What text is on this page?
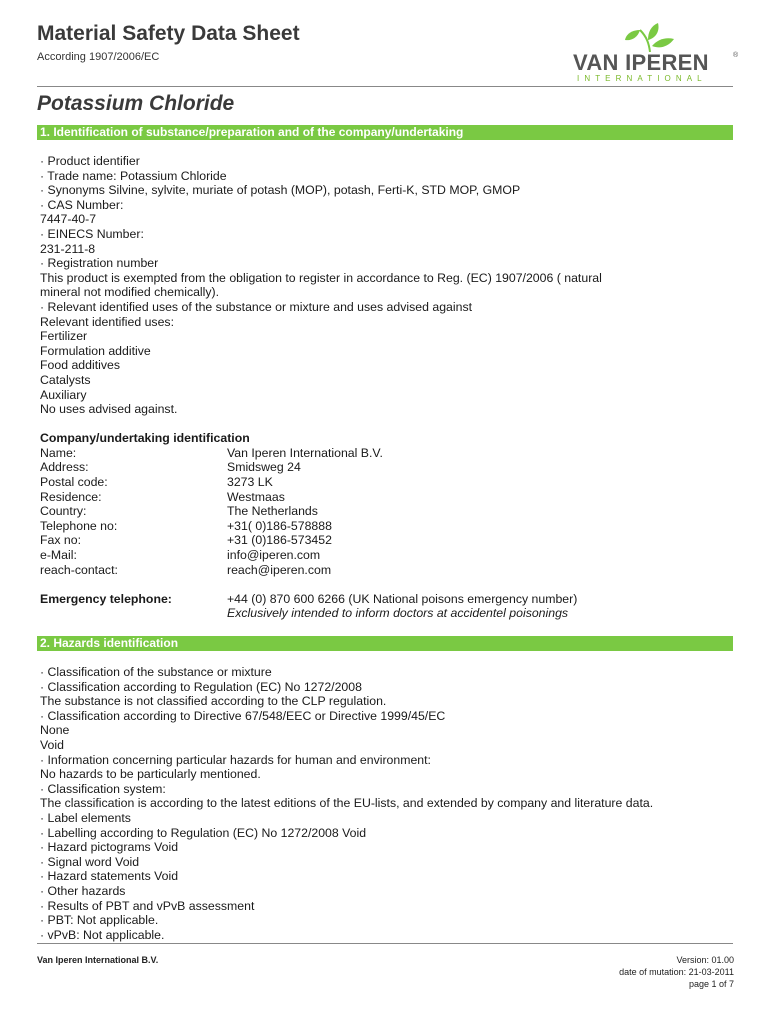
Material Safety Data Sheet
According 1907/2006/EC	VAN IPEREN	®
INTERNATIONAL
Potassium Chloride
1. Identification of substance/preparation and of the company/undertaking
· Product identifier
· Trade name: Potassium Chloride
· Synonyms Silvine, sylvite, muriate of potash (MOP), potash, Ferti-K, STD MOP, GMOP
· CAS Number:
7447-40-7
· EINECS Number:
231-211-8
· Registration number
This product is exempted from the obligation to register in accordance to Reg. (EC) 1907/2006 ( natural
mineral not modified chemically).
· Relevant identified uses of the substance or mixture and uses advised against
Relevant identified uses:
Fertilizer
Formulation additive
Food additives
Catalysts
Auxiliary
No uses advised against.
Company/undertaking identification
Name:	Van Iperen International B.V.
Address:	Smidsweg 24
Postal code:	3273 LK
Residence:	Westmaas
Country:	The Netherlands
Telephone no:	+31( 0)186-578888
Fax no:	+31 (0)186-573452
e-Mail:	info@iperen.com
reach-contact:	reach@iperen.com
Emergency telephone:	+44 (0) 870 600 6266 (UK National poisons emergency number)
Exclusively intended to inform doctors at accidentel poisonings
2. Hazards identification
· Classification of the substance or mixture
· Classification according to Regulation (EC) No 1272/2008
The substance is not classified according to the CLP regulation.
· Classification according to Directive 67/548/EEC or Directive 1999/45/EC
None
Void
· Information concerning particular hazards for human and environment:
No hazards to be particularly mentioned.
· Classification system:
The classification is according to the latest editions of the EU-lists, and extended by company and literature data.
· Label elements
· Labelling according to Regulation (EC) No 1272/2008 Void
· Hazard pictograms Void
· Signal word Void
· Hazard statements Void
· Other hazards
· Results of PBT and vPvB assessment
· PBT: Not applicable.
· vPvB: Not applicable.
Van Iperen International B.V.	Version: 01.00
date of mutation: 21-03-2011
page 1 of 7
